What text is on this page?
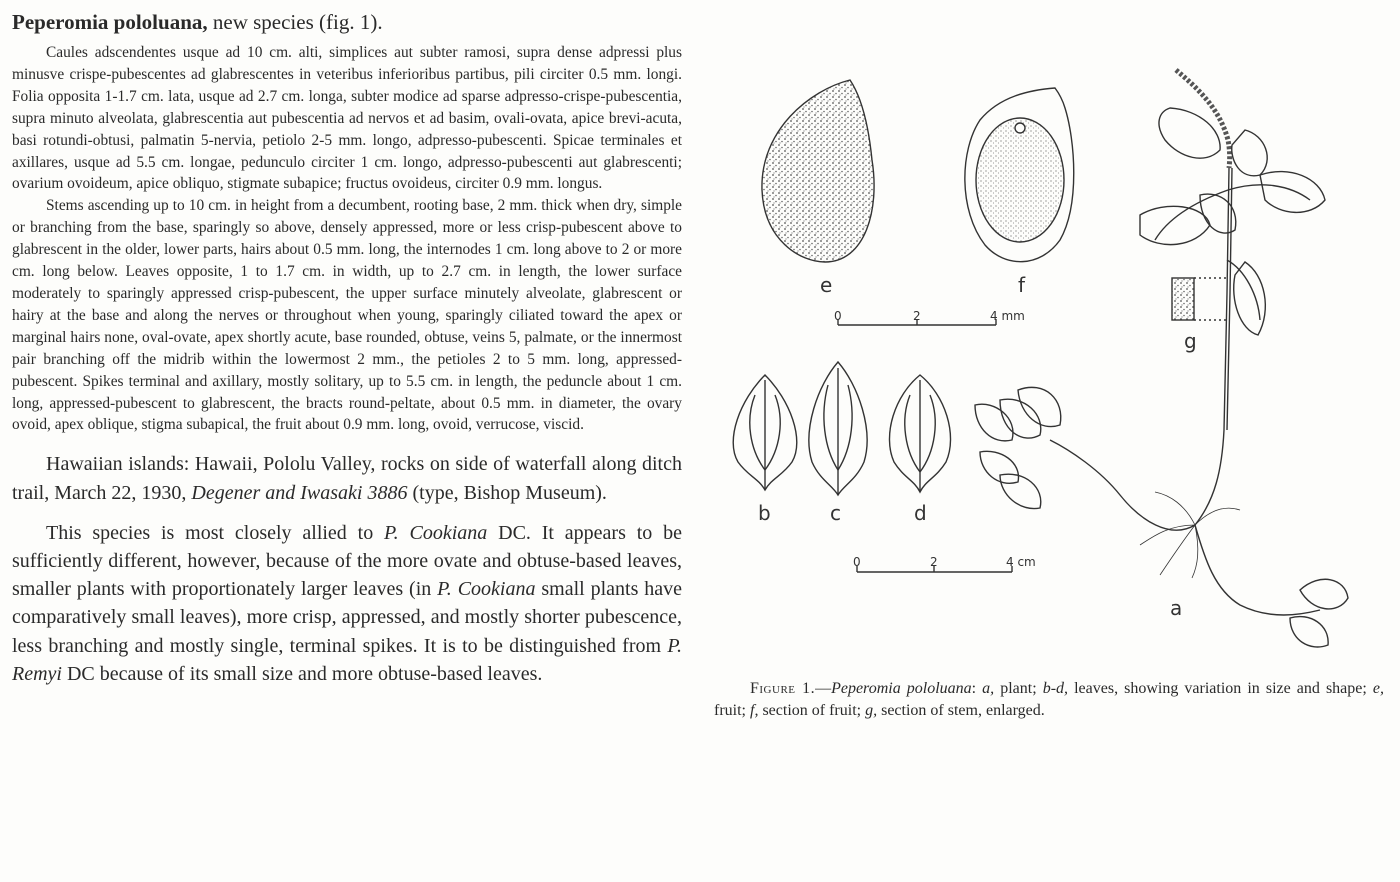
Peperomia pololuana, new species (fig. 1).

Caules adscendentes usque ad 10 cm. alti, simplices aut subter ramosi, supra dense adpressi plus minusve crispe-pubescentes ad glabrescentes in veteribus inferioribus partibus, pili circiter 0.5 mm. longi. Folia opposita 1-1.7 cm. lata, usque ad 2.7 cm. longa, subter modice ad sparse adpresso-crispe-pubescentia, supra minuto alveolata, glabrescentia aut pubescentia ad nervos et ad basim, ovali-ovata, apice brevi-acuta, basi rotundi-obtusi, palmatin 5-nervia, petiolo 2-5 mm. longo, adpresso-pubescenti. Spicae terminales et axillares, usque ad 5.5 cm. longae, pedunculo circiter 1 cm. longo, adpresso-pubescenti aut glabrescenti; ovarium ovoideum, apice obliquo, stigmate subapice; fructus ovoideus, circiter 0.9 mm. longus.

Stems ascending up to 10 cm. in height from a decumbent, rooting base, 2 mm. thick when dry, simple or branching from the base, sparingly so above, densely appressed, more or less crisp-pubescent above to glabrescent in the older, lower parts, hairs about 0.5 mm. long, the internodes 1 cm. long above to 2 or more cm. long below. Leaves opposite, 1 to 1.7 cm. in width, up to 2.7 cm. in length, the lower surface moderately to sparingly appressed crisp-pubescent, the upper surface minutely alveolate, glabrescent or hairy at the base and along the nerves or throughout when young, sparingly ciliated toward the apex or marginal hairs none, oval-ovate, apex shortly acute, base rounded, obtuse, veins 5, palmate, or the innermost pair branching off the midrib within the lowermost 2 mm., the petioles 2 to 5 mm. long, appressed-pubescent. Spikes terminal and axillary, mostly solitary, up to 5.5 cm. in length, the peduncle about 1 cm. long, appressed-pubescent to glabrescent, the bracts round-peltate, about 0.5 mm. in diameter, the ovary ovoid, apex oblique, stigma subapical, the fruit about 0.9 mm. long, ovoid, verrucose, viscid.

Hawaiian islands: Hawaii, Pololu Valley, rocks on side of waterfall along ditch trail, March 22, 1930, Degener and Iwasaki 3886 (type, Bishop Museum).

This species is most closely allied to P. Cookiana DC. It appears to be sufficiently different, however, because of the more ovate and obtuse-based leaves, smaller plants with proportionately larger leaves (in P. Cookiana small plants have comparatively small leaves), more crisp, appressed, and mostly shorter pubescence, less branching and mostly single, terminal spikes. It is to be distinguished from P. Remyi DC because of its small size and more obtuse-based leaves.

e	f
g
b	c	d
a
0	2	4 mm
0	2	4 cm
Figure 1.—Peperomia pololuana: a, plant; b-d, leaves, showing variation in size and shape; e, fruit; f, section of fruit; g, section of stem, enlarged.
